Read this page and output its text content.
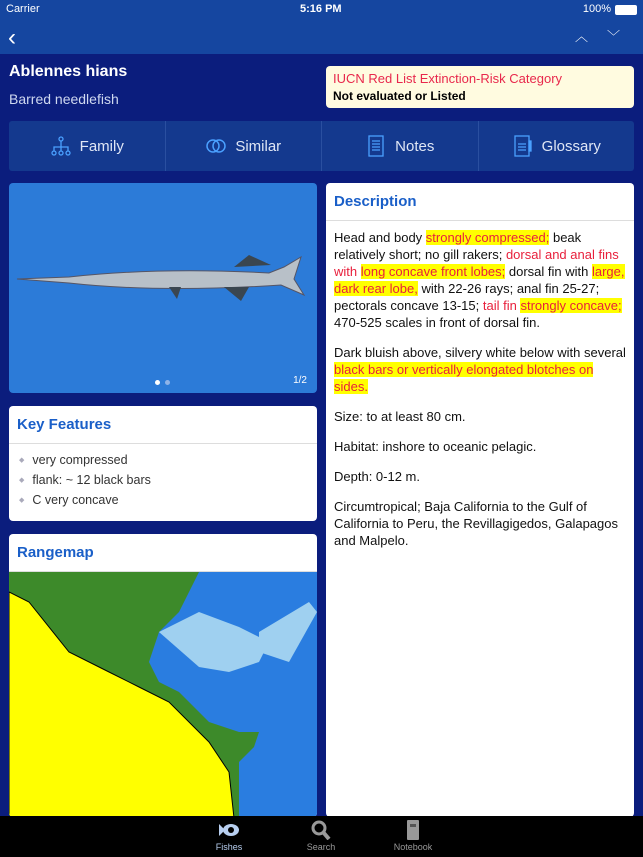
Carrier	5:16 PM	100%
‹	︿ ﹀
Ablennes hians
Barred needlefish
IUCN Red List Extinction-Risk Category
Not evaluated or Listed
Family	Similar	Notes	Glossary
1/2
Key Features
◆ very compressed
◆ flank: ~ 12 black bars
◆ C very concave
Rangemap
Description

Head and body strongly compressed; beak relatively short; no gill rakers; dorsal and anal fins with long concave front lobes; dorsal fin with large, dark rear lobe, with 22-26 rays; anal fin 25-27; pectorals concave 13-15; tail fin strongly concave; 470-525 scales in front of dorsal fin.

Dark bluish above, silvery white below with several black bars or vertically elongated blotches on sides.

Size: to at least 80 cm.

Habitat: inshore to oceanic pelagic.

Depth: 0-12 m.

Circumtropical; Baja California to the Gulf of California to Peru, the Revillagigedos, Galapagos and Malpelo.

Fishes	Search	Notebook
